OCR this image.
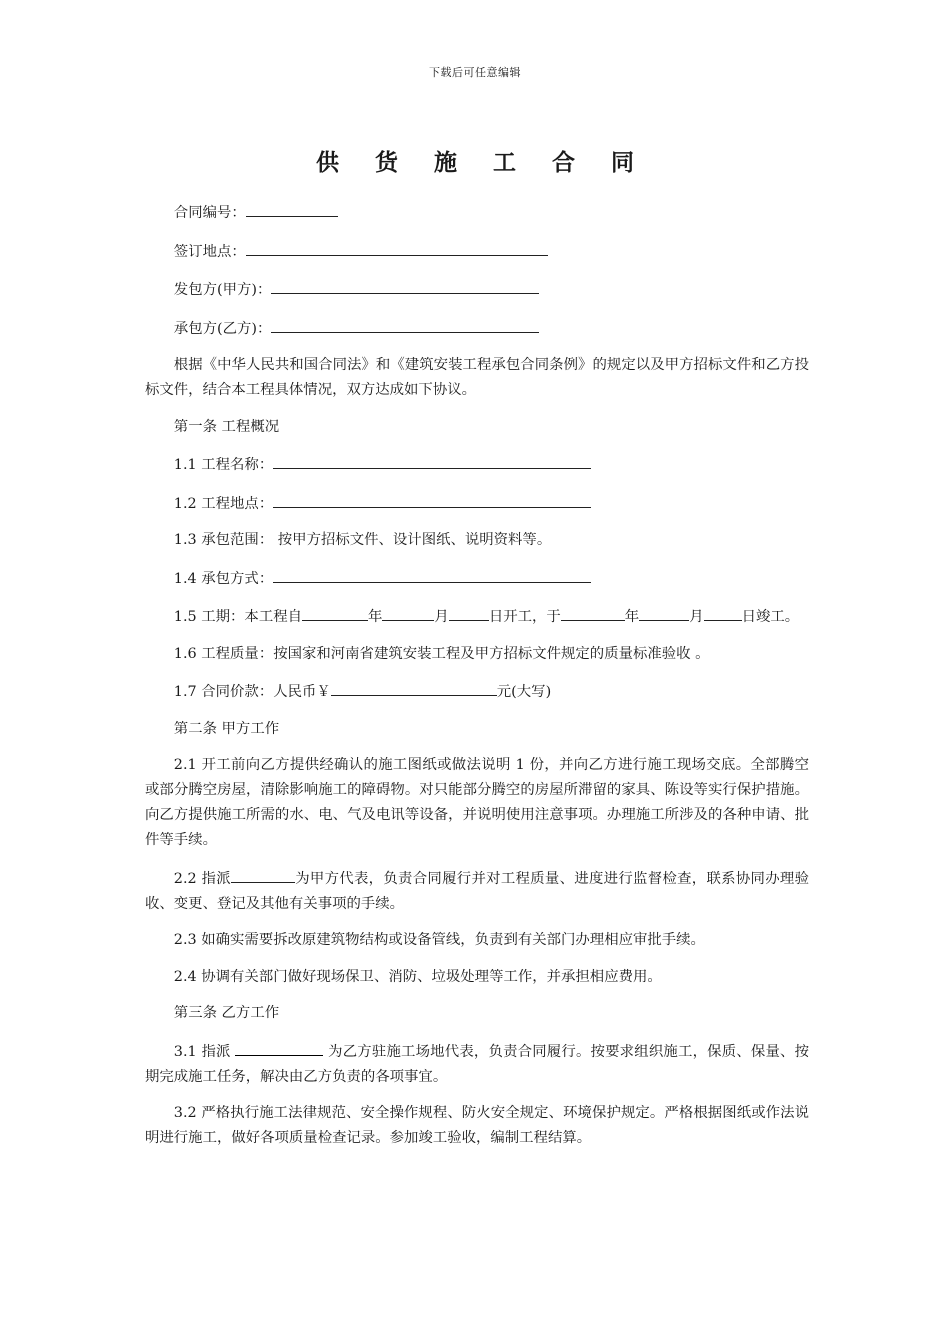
下载后可任意编辑
供 货 施 工 合 同

合同编号：

签订地点：

发包方(甲方)：

承包方(乙方)：

根据《中华人民共和国合同法》和《建筑安装工程承包合同条例》的规定以及甲方招标文件和乙方投标文件，结合本工程具体情况，双方达成如下协议。

第一条 工程概况

1.1 工程名称：

1.2 工程地点：

1.3 承包范围： 按甲方招标文件、设计图纸、说明资料等。

1.4 承包方式：

1.5 工期：本工程自	年	月	日开工，于	年	月	日竣工。

1.6 工程质量：按国家和河南省建筑安装工程及甲方招标文件规定的质量标准验收 。

1.7 合同价款：人民币￥	元(大写)

第二条 甲方工作

2.1 开工前向乙方提供经确认的施工图纸或做法说明 1 份，并向乙方进行施工现场交底。全部腾空或部分腾空房屋，清除影响施工的障碍物。对只能部分腾空的房屋所滞留的家具、陈设等实行保护措施。向乙方提供施工所需的水、电、气及电讯等设备，并说明使用注意事项。办理施工所涉及的各种申请、批件等手续。

2.2 指派	为甲方代表，负责合同履行并对工程质量、进度进行监督检查，联系协同办理验收、变更、登记及其他有关事项的手续。

2.3 如确实需要拆改原建筑物结构或设备管线，负责到有关部门办理相应审批手续。

2.4 协调有关部门做好现场保卫、消防、垃圾处理等工作，并承担相应费用。

第三条 乙方工作

3.1 指派	为乙方驻施工场地代表，负责合同履行。按要求组织施工，保质、保量、按期完成施工任务，解决由乙方负责的各项事宜。

3.2 严格执行施工法律规范、安全操作规程、防火安全规定、环境保护规定。严格根据图纸或作法说明进行施工，做好各项质量检查记录。参加竣工验收，编制工程结算。
